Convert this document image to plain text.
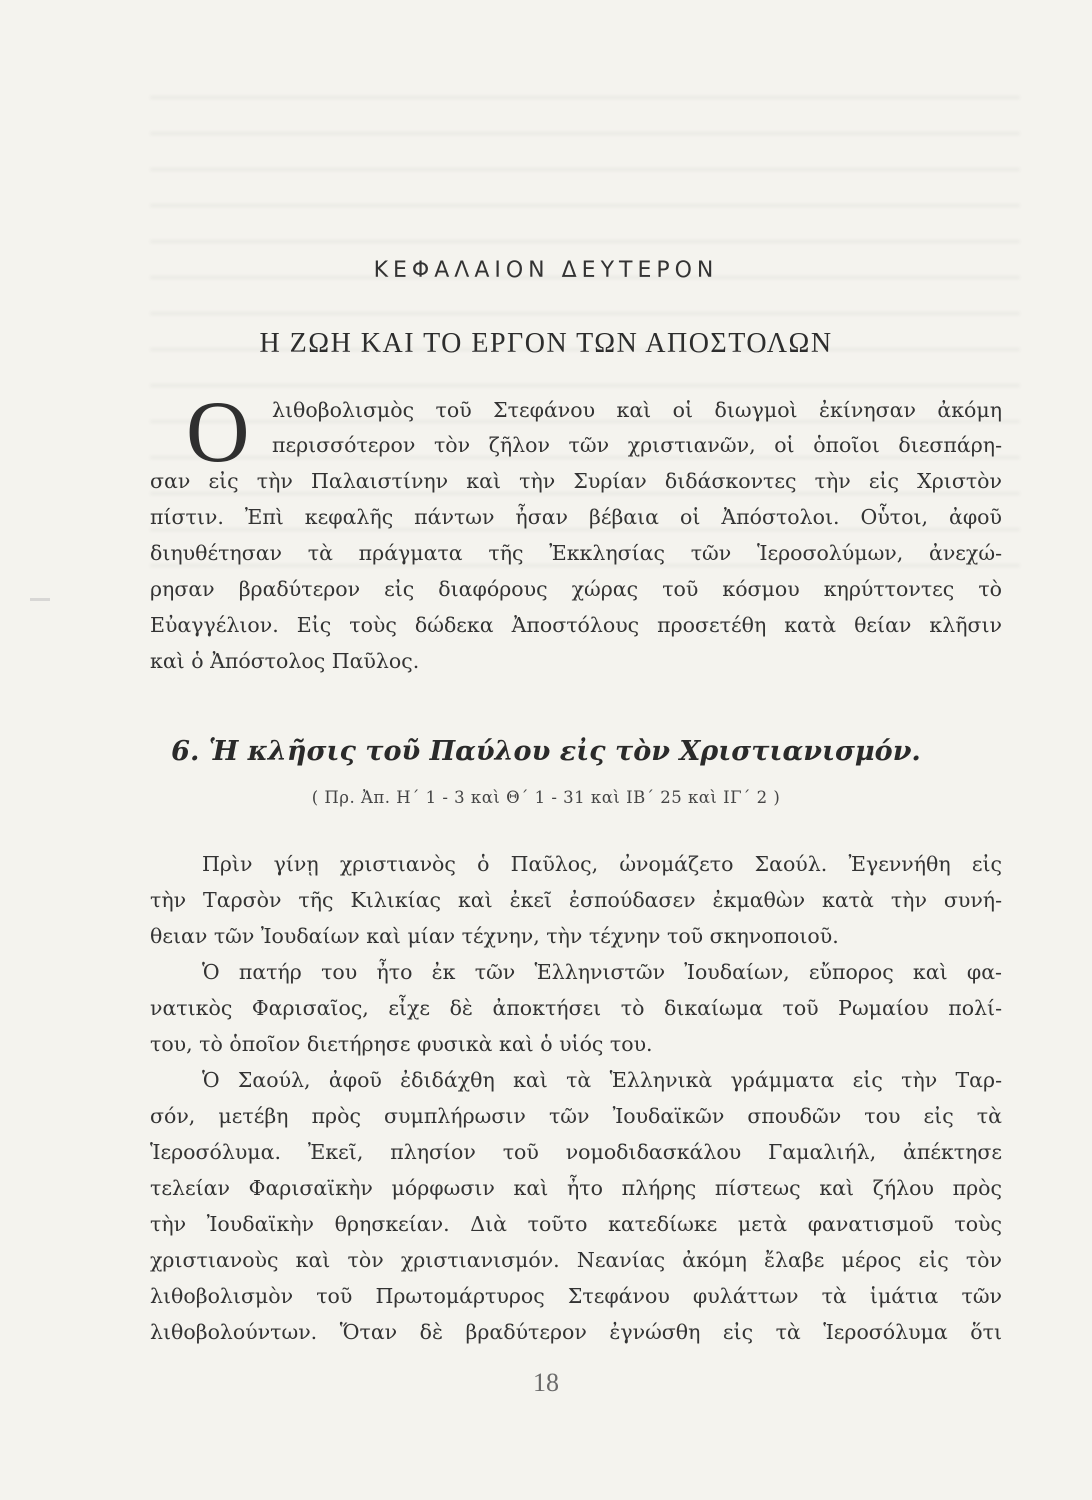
ΚΕΦΑΛΑΙΟΝ ΔΕΥΤΕΡΟΝ
Η ΖΩΗ ΚΑΙ ΤΟ ΕΡΓΟΝ ΤΩΝ ΑΠΟΣΤΟΛΩΝ
Ο λιθοβολισμὸς τοῦ Στεφάνου καὶ οἱ διωγμοὶ ἐκίνησαν ἀκόμη
περισσότερον τὸν ζῆλον τῶν χριστιανῶν, οἱ ὁποῖοι διεσπάρη-
σαν εἰς τὴν Παλαιστίνην καὶ τὴν Συρίαν διδάσκοντες τὴν εἰς Χριστὸν
πίστιν. Ἐπὶ κεφαλῆς πάντων ἦσαν βέβαια οἱ Ἀπόστολοι. Οὗτοι, ἀφοῦ
διηυθέτησαν τὰ πράγματα τῆς Ἐκκλησίας τῶν Ἱεροσολύμων, ἀνεχώ-
ρησαν βραδύτερον εἰς διαφόρους χώρας τοῦ κόσμου κηρύττοντες τὸ
Εὐαγγέλιον. Εἰς τοὺς δώδεκα Ἀποστόλους προσετέθη κατὰ θείαν κλῆσιν
καὶ ὁ Ἀπόστολος Παῦλος.
6. Ἡ κλῆσις τοῦ Παύλου εἰς τὸν Χριστιανισμόν.
( Πρ. Ἀπ. Η΄ 1 - 3 καὶ Θ΄ 1 - 31 καὶ ΙΒ΄ 25 καὶ ΙΓ΄ 2 )
Πρὶν γίνῃ χριστιανὸς ὁ Παῦλος, ὠνομάζετο Σαούλ. Ἐγεννήθη εἰς
τὴν Ταρσὸν τῆς Κιλικίας καὶ ἐκεῖ ἐσπούδασεν ἐκμαθὼν κατὰ τὴν συνή-
θειαν τῶν Ἰουδαίων καὶ μίαν τέχνην, τὴν τέχνην τοῦ σκηνοποιοῦ.
Ὁ πατήρ του ἦτο ἐκ τῶν Ἑλληνιστῶν Ἰουδαίων, εὔπορος καὶ φα-
νατικὸς Φαρισαῖος, εἶχε δὲ ἀποκτήσει τὸ δικαίωμα τοῦ Ρωμαίου πολί-
του, τὸ ὁποῖον διετήρησε φυσικὰ καὶ ὁ υἱός του.
Ὁ Σαούλ, ἀφοῦ ἐδιδάχθη καὶ τὰ Ἑλληνικὰ γράμματα εἰς τὴν Ταρ-
σόν, μετέβη πρὸς συμπλήρωσιν τῶν Ἰουδαϊκῶν σπουδῶν του εἰς τὰ
Ἱεροσόλυμα. Ἐκεῖ, πλησίον τοῦ νομοδιδασκάλου Γαμαλιήλ, ἀπέκτησε
τελείαν Φαρισαϊκὴν μόρφωσιν καὶ ἦτο πλήρης πίστεως καὶ ζήλου πρὸς
τὴν Ἰουδαϊκὴν θρησκείαν. Διὰ τοῦτο κατεδίωκε μετὰ φανατισμοῦ τοὺς
χριστιανοὺς καὶ τὸν χριστιανισμόν. Νεανίας ἀκόμη ἔλαβε μέρος εἰς τὸν
λιθοβολισμὸν τοῦ Πρωτομάρτυρος Στεφάνου φυλάττων τὰ ἱμάτια τῶν
λιθοβολούντων. Ὅταν δὲ βραδύτερον ἐγνώσθη εἰς τὰ Ἱεροσόλυμα ὅτι
18
